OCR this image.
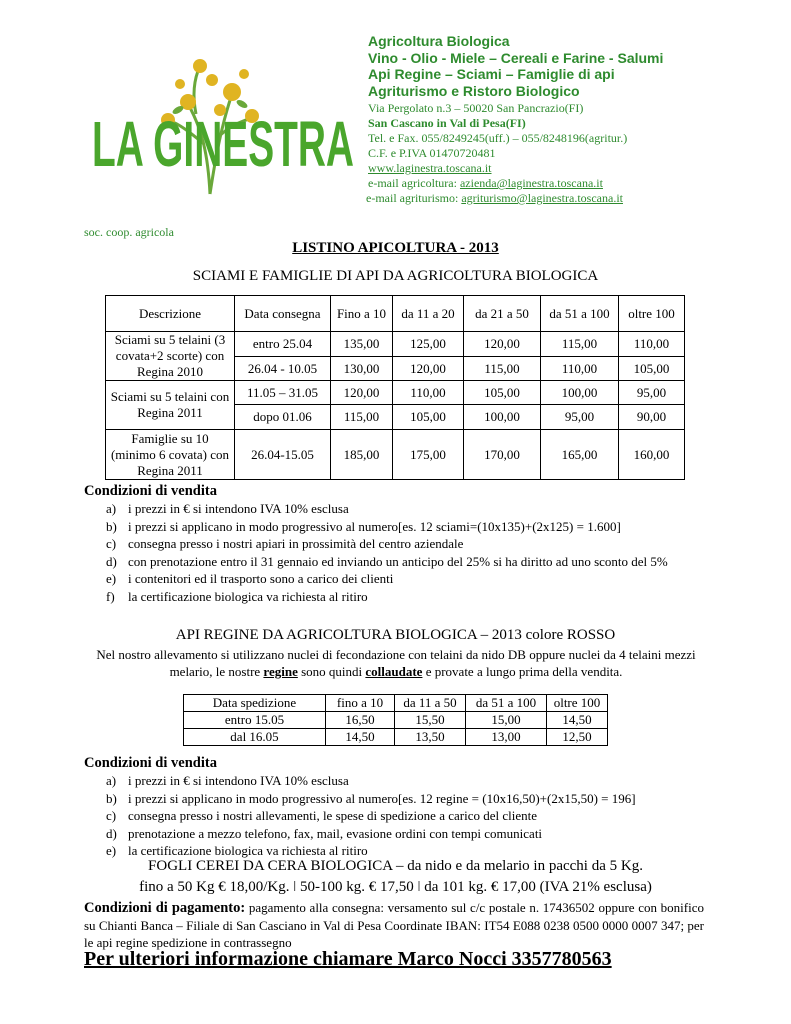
LA GINESTRA
Agricoltura Biologica
Vino - Olio - Miele – Cereali e Farine - Salumi
Api Regine – Sciami – Famiglie di api
Agriturismo e Ristoro Biologico
Via Pergolato n.3 – 50020 San Pancrazio(FI)
San Cascano in Val di Pesa(FI)
Tel. e Fax. 055/8249245(uff.) – 055/8248196(agritur.)
C.F. e P.IVA 01470720481
www.laginestra.toscana.it
e-mail agricoltura: azienda@laginestra.toscana.it
e-mail agriturismo: agriturismo@laginestra.toscana.it
soc. coop. agricola
LISTINO APICOLTURA - 2013
SCIAMI E FAMIGLIE DI API DA AGRICOLTURA BIOLOGICA
Descrizione	Data consegna	Fino a 10	da 11 a 20	da 21 a 50	da 51 a 100	oltre 100
Sciami su 5 telaini (3 covata+2 scorte) con Regina 2010	entro 25.04	135,00	125,00	120,00	115,00	110,00
	26.04 - 10.05	130,00	120,00	115,00	110,00	105,00
Sciami su 5 telaini con Regina 2011	11.05 – 31.05	120,00	110,00	105,00	100,00	95,00
	dopo 01.06	115,00	105,00	100,00	95,00	90,00
Famiglie su 10 (minimo 6 covata) con Regina 2011	26.04-15.05	185,00	175,00	170,00	165,00	160,00
Condizioni di vendita
a) i prezzi in € si intendono IVA 10% esclusa
b) i prezzi si applicano in modo progressivo al numero[es. 12 sciami=(10x135)+(2x125) = 1.600]
c) consegna presso i nostri apiari in prossimità del centro aziendale
d) con prenotazione entro il 31 gennaio ed inviando un anticipo del 25% si ha diritto ad uno sconto del 5%
e) i contenitori ed il trasporto sono a carico dei clienti
f) la certificazione biologica va richiesta al ritiro
API REGINE DA AGRICOLTURA BIOLOGICA – 2013 colore ROSSO
Nel nostro allevamento si utilizzano nuclei di fecondazione con telaini da nido DB oppure nuclei da 4 telaini mezzi melario, le nostre regine sono quindi collaudate e provate a lungo prima della vendita.
Data spedizione	fino a 10	da 11 a 50	da 51 a 100	oltre 100
entro 15.05	16,50	15,50	15,00	14,50
dal 16.05	14,50	13,50	13,00	12,50
Condizioni di vendita
a) i prezzi in € si intendono IVA 10% esclusa
b) i prezzi si applicano in modo progressivo al numero[es. 12 regine = (10x16,50)+(2x15,50) = 196]
c) consegna presso i nostri allevamenti, le spese di spedizione a carico del cliente
d) prenotazione a mezzo telefono, fax, mail, evasione ordini con tempi comunicati
e) la certificazione biologica va richiesta al ritiro
FOGLI CEREI DA CERA BIOLOGICA – da nido e da melario in pacchi da 5 Kg.
fino a 50 Kg € 18,00/Kg. ǀ 50-100 kg. € 17,50 ǀ da 101 kg. € 17,00 (IVA 21% esclusa)
Condizioni di pagamento: pagamento alla consegna: versamento sul c/c postale n. 17436502 oppure con bonifico su Chianti Banca – Filiale di San Casciano in Val di Pesa Coordinate IBAN: IT54 E088 0238 0500 0000 0007 347; per le api regine spedizione in contrassegno
Per ulteriori informazione chiamare Marco Nocci 3357780563
